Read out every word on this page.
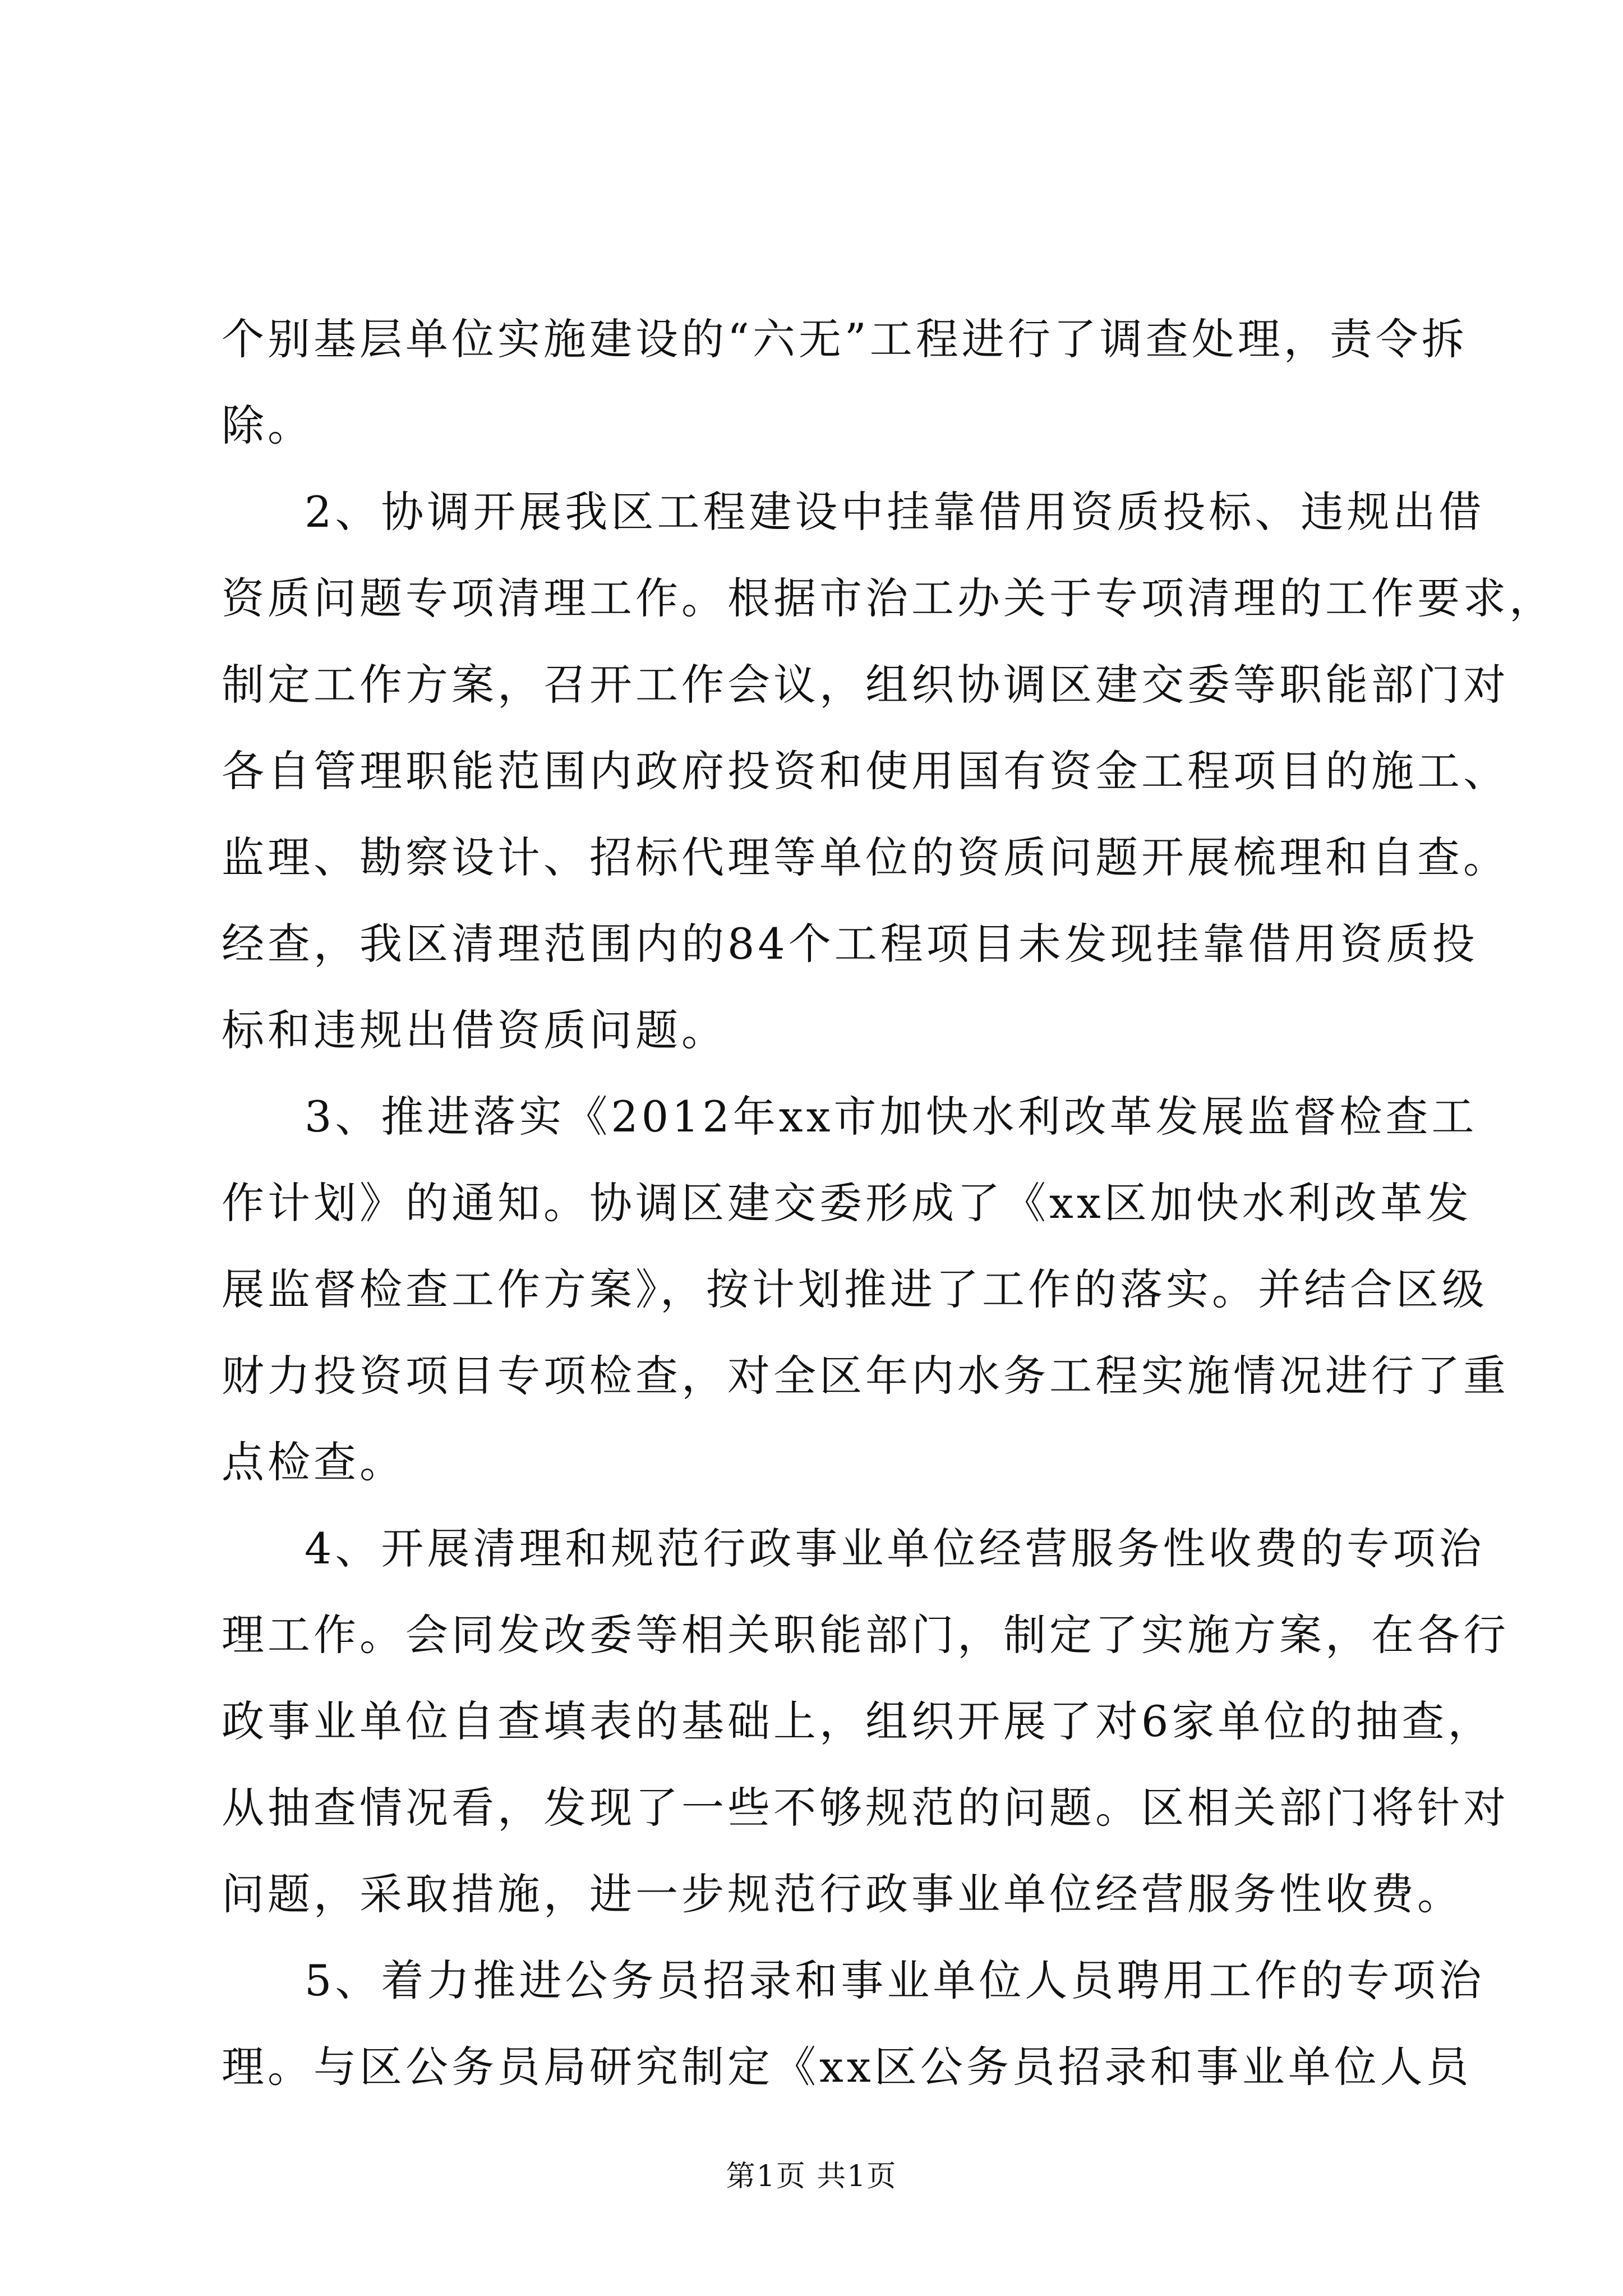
个别基层单位实施建设的“六无”工程进行了调查处理，责令拆
除。
2、协调开展我区工程建设中挂靠借用资质投标、违规出借
资质问题专项清理工作。根据市治工办关于专项清理的工作要求，
制定工作方案，召开工作会议，组织协调区建交委等职能部门对
各自管理职能范围内政府投资和使用国有资金工程项目的施工、
监理、勘察设计、招标代理等单位的资质问题开展梳理和自查。
经查，我区清理范围内的84个工程项目未发现挂靠借用资质投
标和违规出借资质问题。
3、推进落实《2012年xx市加快水利改革发展监督检查工
作计划》的通知。协调区建交委形成了《xx区加快水利改革发
展监督检查工作方案》，按计划推进了工作的落实。并结合区级
财力投资项目专项检查，对全区年内水务工程实施情况进行了重
点检查。
4、开展清理和规范行政事业单位经营服务性收费的专项治
理工作。会同发改委等相关职能部门，制定了实施方案，在各行
政事业单位自查填表的基础上，组织开展了对6家单位的抽查，
从抽查情况看，发现了一些不够规范的问题。区相关部门将针对
问题，采取措施，进一步规范行政事业单位经营服务性收费。
5、着力推进公务员招录和事业单位人员聘用工作的专项治
理。与区公务员局研究制定《xx区公务员招录和事业单位人员
第1页 共1页
